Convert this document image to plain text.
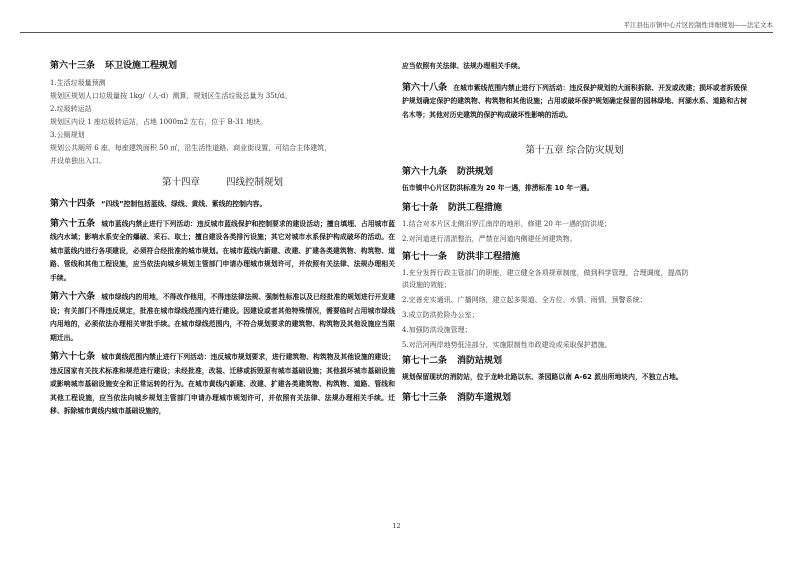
平江县伍市镇中心片区控制性详细规划——法定文本
第六十三条 环卫设施工程规划

1.生活垃圾量预测

规划区规划人口垃圾量按 1kg/（人·d）测算，规划区生活垃圾总量为 35t/d。

2.垃圾转运站

规划区内设 1 座垃圾转运站，占地 1000m2 左右，位于 B-31 地块。

3.公厕规划

规划公共厕所 6 座，每座建筑面积 50 ㎡，沿生活性道路、商业街设置，可结合主体建筑，

并设单独出入口。

第十四章	四线控制规划

第六十四条 “四线”控制包括蓝线、绿线、黄线、紫线的控制内容。

第六十五条 城市蓝线内禁止进行下列活动：违反城市蓝线保护和控制要求的建设活动；擅自填埋、占用城市蓝线内水域；影响水系安全的爆破、采石、取土；擅自建设各类排污设施；其它对城市水系保护构成破坏的活动。在城市蓝线内进行各项建设，必须符合经批准的城市规划。在城市蓝线内新建、改建、扩建各类建筑物、构筑物、道路、管线和其他工程设施，应当依法向城乡规划主管部门申请办理城市规划许可，并依照有关法律、法规办理相关手续。

第六十六条 城市绿线内的用地，不得改作他用，不得违法律法规、强制性标准以及已经批准的规划进行开发建设；有关部门不得违反规定，批准在城市绿线范围内进行建设。因建设或者其他特殊情况，需要临时占用城市绿线内用地的，必须依法办理相关审批手续。在城市绿线范围内，不符合规划要求的建筑物、构筑物及其他设施应当限期迁出。

第六十七条 城市黄线范围内禁止进行下列活动：违反城市规划要求，进行建筑物、构筑物及其他设施的建设；违反国家有关技术标准和规范进行建设；未经批准，改装、迁移或拆毁原有城市基础设施；其他损坏城市基础设施或影响城市基础设施安全和正常运转的行为。在城市黄线内新建、改建、扩建各类建筑物、构筑物、道路、管线和其他工程设施，应当依法向城乡规划主管部门申请办理城市规划许可，并依照有关法律、法规办理相关手续。迁移、拆除城市黄线内城市基础设施的，

应当依照有关法律、法规办理相关手续。

第六十八条 在城市紫线范围内禁止进行下列活动：违反保护规划的大面积拆除、开发或改建；损坏或者拆毁保护规划确定保护的建筑物、构筑物和其他设施；占用或破坏保护规划确定保留的园林绿地、河湖水系、道路和古树名木等；其他对历史建筑的保护构成破坏性影响的活动。

第十五章 综合防灾规划

第六十九条 防洪规划

伍市镇中心片区防洪标准为 20 年一遇，排涝标准 10 年一遇。

第七十条 防洪工程措施

1.结合对本片区北侧汨罗江南岸的地形，修建 20 年一遇的防洪堤；

2.对河道进行清淤整治，严禁在河道内侧建任何建筑物。

第七十一条 防洪非工程措施

1.充分发挥行政主管部门的职能，建立健全各项规章制度，做到科学管理，合理调度，提高防

洪设施的效能；

2.完善充实通讯、广播网络，建立起多渠道、全方位、水情、雨情，预警系统；

3.成立防洪抢险办公室；

4.加强防洪设施管理；

5.对沿河两岸地势低洼部分，实施限制性市政建设或采取保护措施。

第七十二条 消防站规划

规划保留现状的消防站，位于龙岭北路以东、茶园路以南 A-62 派出所地块内，不独立占地。

第七十三条 消防车道规划
12
